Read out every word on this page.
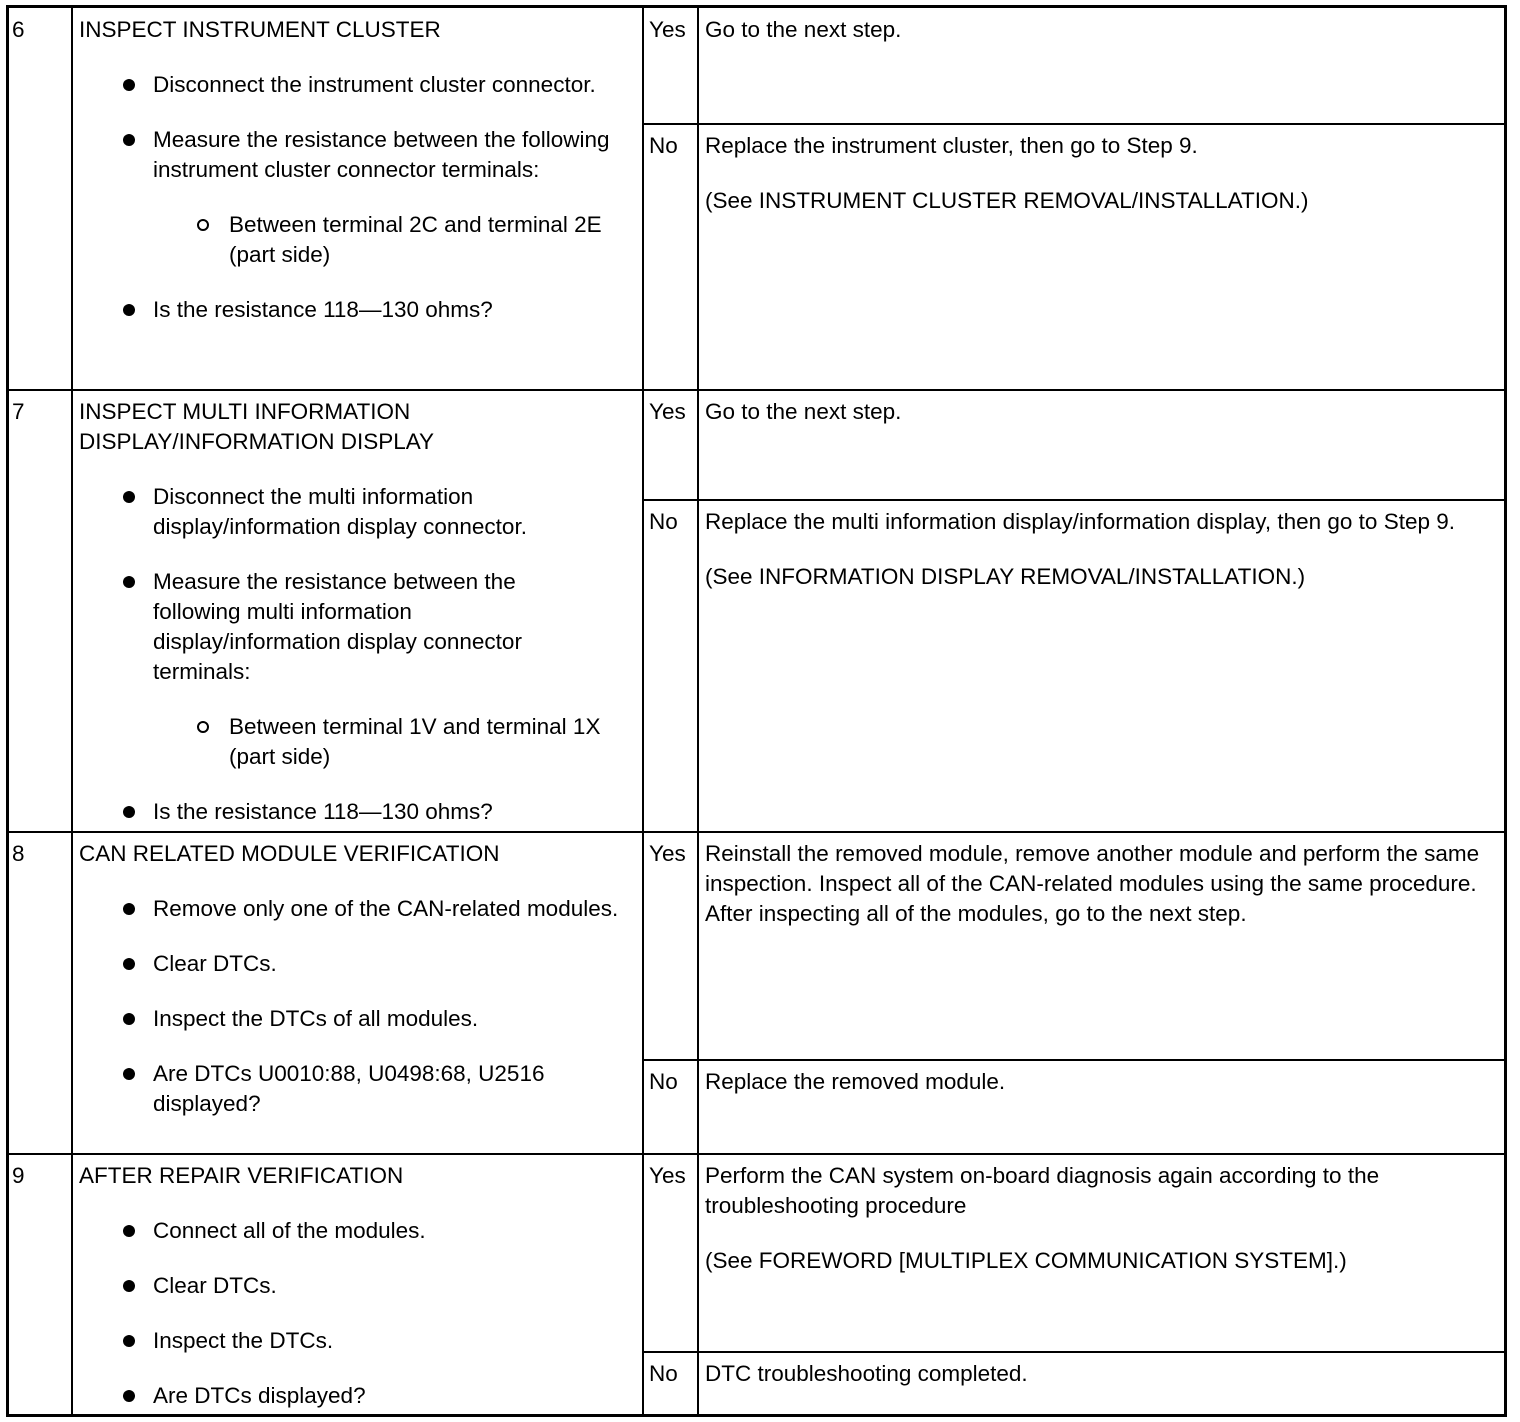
6 INSPECT INSTRUMENT CLUSTER
Disconnect the instrument cluster connector.
Measure the resistance between the following instrument cluster connector terminals:
Between terminal 2C and terminal 2E (part side)
Is the resistance 118—130 ohms?
Yes Go to the next step.
No Replace the instrument cluster, then go to Step 9.
(See INSTRUMENT CLUSTER REMOVAL/INSTALLATION.)
7 INSPECT MULTI INFORMATION DISPLAY/INFORMATION DISPLAY
Disconnect the multi information display/information display connector.
Measure the resistance between the following multi information display/information display connector terminals:
Between terminal 1V and terminal 1X (part side)
Is the resistance 118—130 ohms?
Yes Go to the next step.
No Replace the multi information display/information display, then go to Step 9.
(See INFORMATION DISPLAY REMOVAL/INSTALLATION.)
8 CAN RELATED MODULE VERIFICATION
Remove only one of the CAN-related modules.
Clear DTCs.
Inspect the DTCs of all modules.
Are DTCs U0010:88, U0498:68, U2516 displayed?
Yes Reinstall the removed module, remove another module and perform the same inspection. Inspect all of the CAN-related modules using the same procedure. After inspecting all of the modules, go to the next step.
No Replace the removed module.
9 AFTER REPAIR VERIFICATION
Connect all of the modules.
Clear DTCs.
Inspect the DTCs.
Are DTCs displayed?
Yes Perform the CAN system on-board diagnosis again according to the troubleshooting procedure
(See FOREWORD [MULTIPLEX COMMUNICATION SYSTEM].)
No DTC troubleshooting completed.
